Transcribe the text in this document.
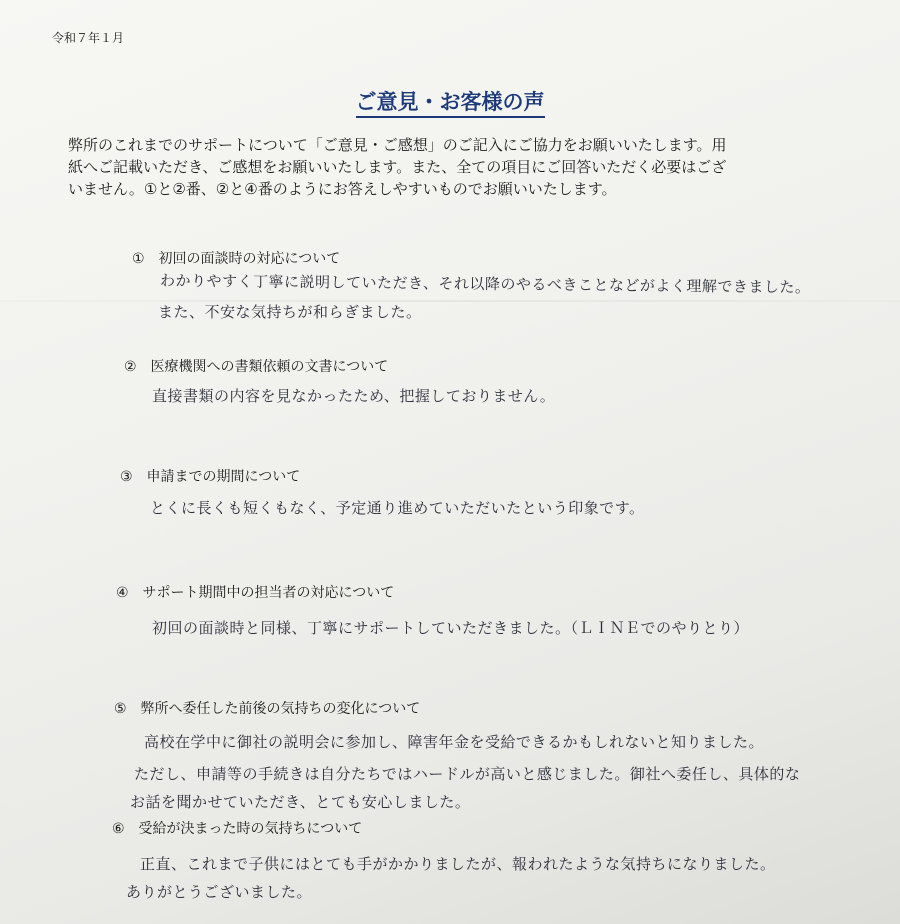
令和７年１月
ご意見・お客様の声
弊所のこれまでのサポートについて「ご意見・ご感想」のご記入にご協力をお願いいたします。用
紙へご記載いただき、ご感想をお願いいたします。また、全ての項目にご回答いただく必要はござ
いません。①と②番、②と④番のようにお答えしやすいものでお願いいたします。
①　初回の面談時の対応について
わかりやすく丁寧に説明していただき、それ以降のやるべきことなどがよく理解できました。
また、不安な気持ちが和らぎました。
②　医療機関への書類依頼の文書について
直接書類の内容を見なかったため、把握しておりません。
③　申請までの期間について
とくに長くも短くもなく、予定通り進めていただいたという印象です。
④　サポート期間中の担当者の対応について
初回の面談時と同様、丁寧にサポートしていただきました。（ＬＩＮＥでのやりとり）
⑤　弊所へ委任した前後の気持ちの変化について
高校在学中に御社の説明会に参加し、障害年金を受給できるかもしれないと知りました。
ただし、申請等の手続きは自分たちではハードルが高いと感じました。御社へ委任し、具体的な
お話を聞かせていただき、とても安心しました。
⑥　受給が決まった時の気持ちについて
正直、これまで子供にはとても手がかかりましたが、報われたような気持ちになりました。
ありがとうございました。
